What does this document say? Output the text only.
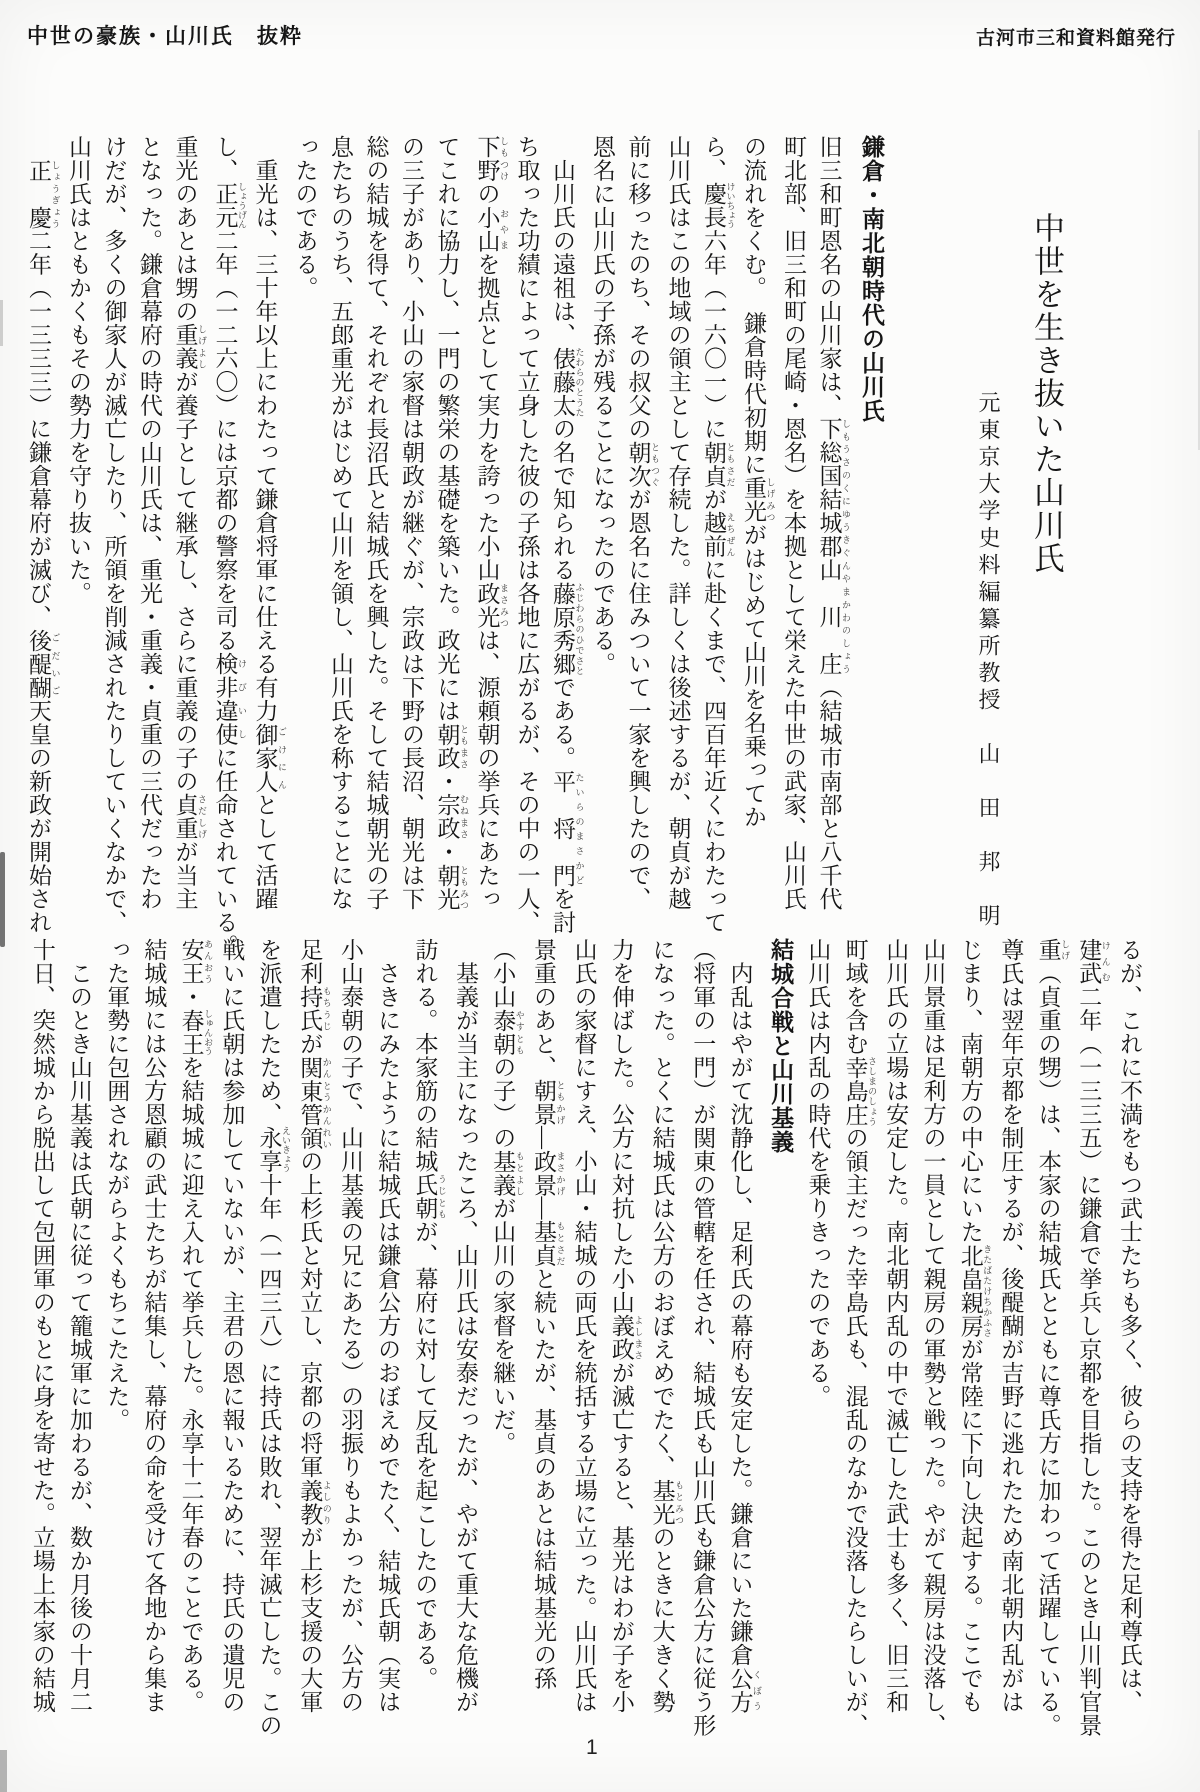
中世の豪族・山川氏　抜粋	古河市三和資料館発行
中世を生き抜いた山川氏
元東京大学史料編纂所教授　山　田　邦　明
鎌倉・南北朝時代の山川氏
旧三和町恩名の山川家は、下総国結城郡山　川　庄 しもうさのくにゆうきぐんやまかわのしょう（結城市南部と八千代
町北部、旧三和町の尾崎・恩名）を本拠として栄えた中世の武家、山川氏
の流れをくむ。　鎌倉時代初期に重光 しげみつがはじめて山川を名乗ってか
ら、慶長 けいちょう六年（一六〇一）に朝貞 ともさだが越前 えちぜんに赴くまで、四百年近くにわたって
山川氏はこの地域の領主として存続した。詳しくは後述するが、朝貞が越
前に移ったのち、その叔父の朝次 ともつぐが恩名に住みついて一家を興したので、
恩名に山川氏の子孫が残ることになったのである。
　山川氏の遠祖は、俵藤太 たわらのとうたの名で知られる藤原秀郷 ふじわらのひでさとである。平　将　門 たいらのまさかどを討
ち取った功績によって立身した彼の子孫は各地に広がるが、その中の一人、
下野 しもつけの小山 おやまを拠点として実力を誇った小山政光 まさみつは、源頼朝の挙兵にあたっ
てこれに協力し、一門の繁栄の基礎を築いた。政光には朝政 ともまさ・宗政 むねまさ・朝光 ともみつ
の三子があり、小山の家督は朝政が継ぐが、宗政は下野の長沼、朝光は下
総の結城を得て、それぞれ長沼氏と結城氏を興した。そして結城朝光の子
息たちのうち、五郎重光がはじめて山川を領し、山川氏を称することにな
ったのである。
　重光は、三十年以上にわたって鎌倉将軍に仕える有力御家人 ごけにんとして活躍
し、正元 しょうげん二年（一二六〇）には京都の警察を司る検非違使 けびいしに任命されている。
重光のあとは甥の重義 しげよしが養子として継承し、さらに重義の子の貞重 さだしげが当主
となった。鎌倉幕府の時代の山川氏は、重光・重義・貞重の三代だったわ
けだが、多くの御家人が滅亡したり、所領を削減されたりしていくなかで、
山川氏はともかくもその勢力を守り抜いた。
　正　慶 しょうぎょう二年（一三三三）に鎌倉幕府が滅び、後醍醐 ごだいご天皇の新政が開始され
るが、これに不満をもつ武士たちも多く、彼らの支持を得た足利尊氏は、
建武 けんむ二年（一三三五）に鎌倉で挙兵し京都を目指した。このとき山川判官景
重 しげ（貞重の甥）は、本家の結城氏とともに尊氏方に加わって活躍している。
尊氏は翌年京都を制圧するが、後醍醐が吉野に逃れたため南北朝内乱がは
じまり、南朝方の中心にいた北畠親房 きたばたけちかふさが常陸に下向し決起する。ここでも
山川景重は足利方の一員として親房の軍勢と戦った。やがて親房は没落し、
山川氏の立場は安定した。南北朝内乱の中で滅亡した武士も多く、旧三和
町域を含む幸島庄 さしまのしょうの領主だった幸島氏も、混乱のなかで没落したらしいが、
山川氏は内乱の時代を乗りきったのである。
結城合戦と山川基義
　内乱はやがて沈静化し、足利氏の幕府も安定した。鎌倉にいた鎌倉公方 くぼう
（将軍の一門）が関東の管轄を任され、結城氏も山川氏も鎌倉公方に従う形
になった。とくに結城氏は公方のおぼえめでたく、基光 もとみつのときに大きく勢
力を伸ばした。公方に対抗した小山義政 よしまさが滅亡すると、基光はわが子を小
山氏の家督にすえ、小山・結城の両氏を統括する立場に立った。山川氏は
景重のあと、朝景 ともかげ―政景 まさかげ―基貞 もとさだと続いたが、基貞のあとは結城基光の孫
（小山泰朝 やすともの子）の基義 もとよしが山川の家督を継いだ。
　基義が当主になったころ、山川氏は安泰だったが、やがて重大な危機が
訪れる。本家筋の結城氏朝 うじともが、幕府に対して反乱を起こしたのである。
　さきにみたように結城氏は鎌倉公方のおぼえめでたく、結城氏朝（実は
小山泰朝の子で、山川基義の兄にあたる）の羽振りもよかったが、公方の
足利持氏 もちうじが関東管領 かんとうかんれいの上杉氏と対立し、京都の将軍義教 よしのりが上杉支援の大軍
を派遣したため、永享 えいきょう十年（一四三八）に持氏は敗れ、翌年滅亡した。この
戦いに氏朝は参加していないが、主君の恩に報いるために、持氏の遺児の
安王 あんおう・春王 しゅんおうを結城城に迎え入れて挙兵した。永享十二年春のことである。
結城城には公方恩顧の武士たちが結集し、幕府の命を受けて各地から集ま
った軍勢に包囲されながらよくもちこたえた。
　このとき山川基義は氏朝に従って籠城軍に加わるが、数か月後の十月二
十日、突然城から脱出して包囲軍のもとに身を寄せた。立場上本家の結城
1
